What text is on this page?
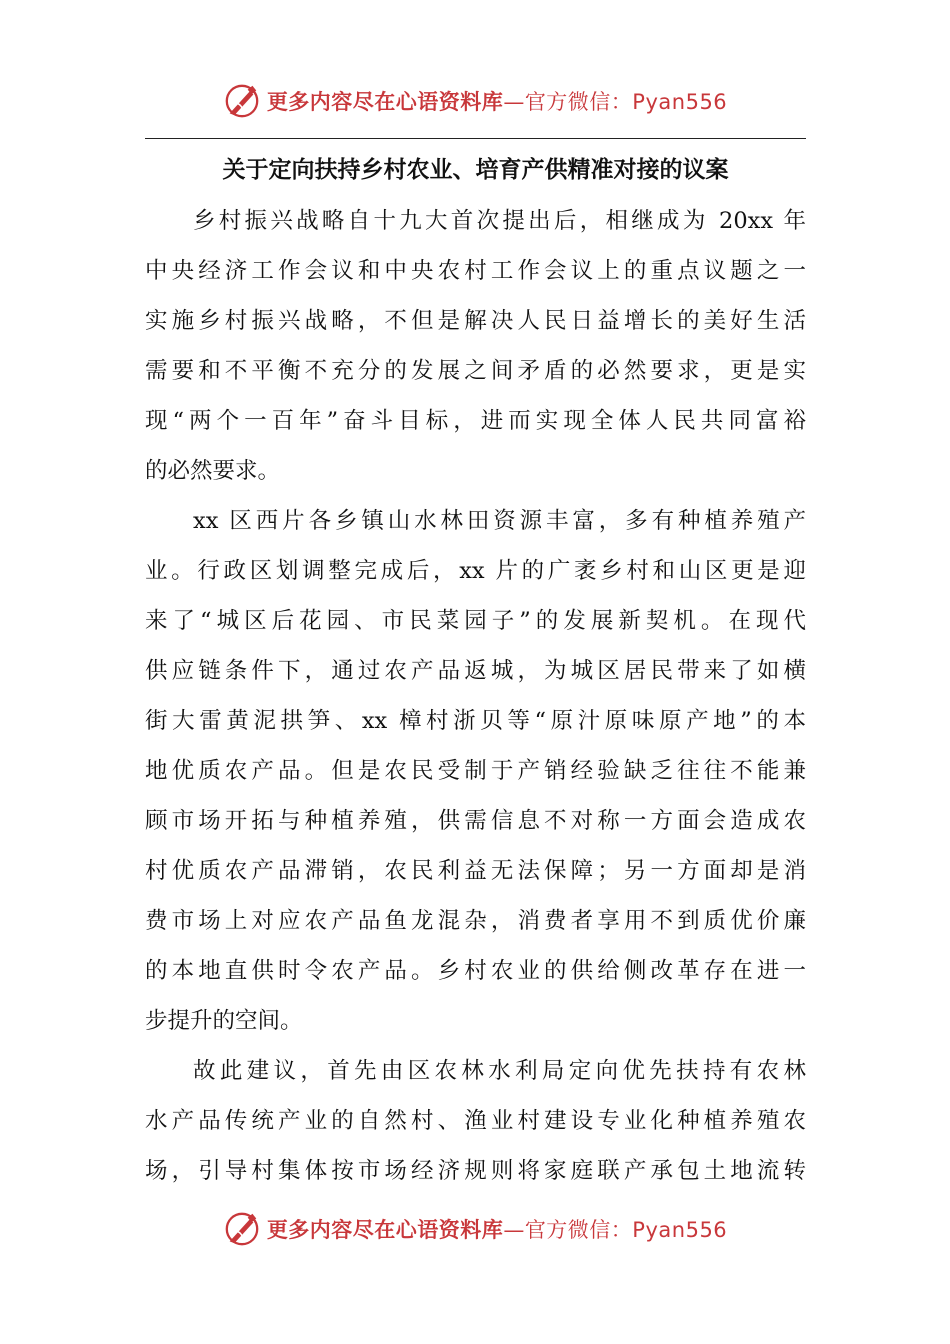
更多内容尽在心语资料库 —官方微信：Pyan556
关于定向扶持乡村农业、培育产供精准对接的议案
乡村振兴战略自十九大首次提出后，相继成为 20xx 年
中央经济工作会议和中央农村工作会议上的重点议题之一
实施乡村振兴战略，不但是解决人民日益增长的美好生活
需要和不平衡不充分的发展之间矛盾的必然要求，更是实
现“两个一百年”奋斗目标，进而实现全体人民共同富裕
的必然要求。
xx 区西片各乡镇山水林田资源丰富，多有种植养殖产
业。行政区划调整完成后，xx 片的广袤乡村和山区更是迎
来了“城区后花园、市民菜园子”的发展新契机。在现代
供应链条件下，通过农产品返城，为城区居民带来了如横
街大雷黄泥拱笋、xx 樟村浙贝等“原汁原味原产地”的本
地优质农产品。但是农民受制于产销经验缺乏往往不能兼
顾市场开拓与种植养殖，供需信息不对称一方面会造成农
村优质农产品滞销，农民利益无法保障；另一方面却是消
费市场上对应农产品鱼龙混杂，消费者享用不到质优价廉
的本地直供时令农产品。乡村农业的供给侧改革存在进一
步提升的空间。
故此建议，首先由区农林水利局定向优先扶持有农林
水产品传统产业的自然村、渔业村建设专业化种植养殖农
场，引导村集体按市场经济规则将家庭联产承包土地流转
更多内容尽在心语资料库 —官方微信：Pyan556
